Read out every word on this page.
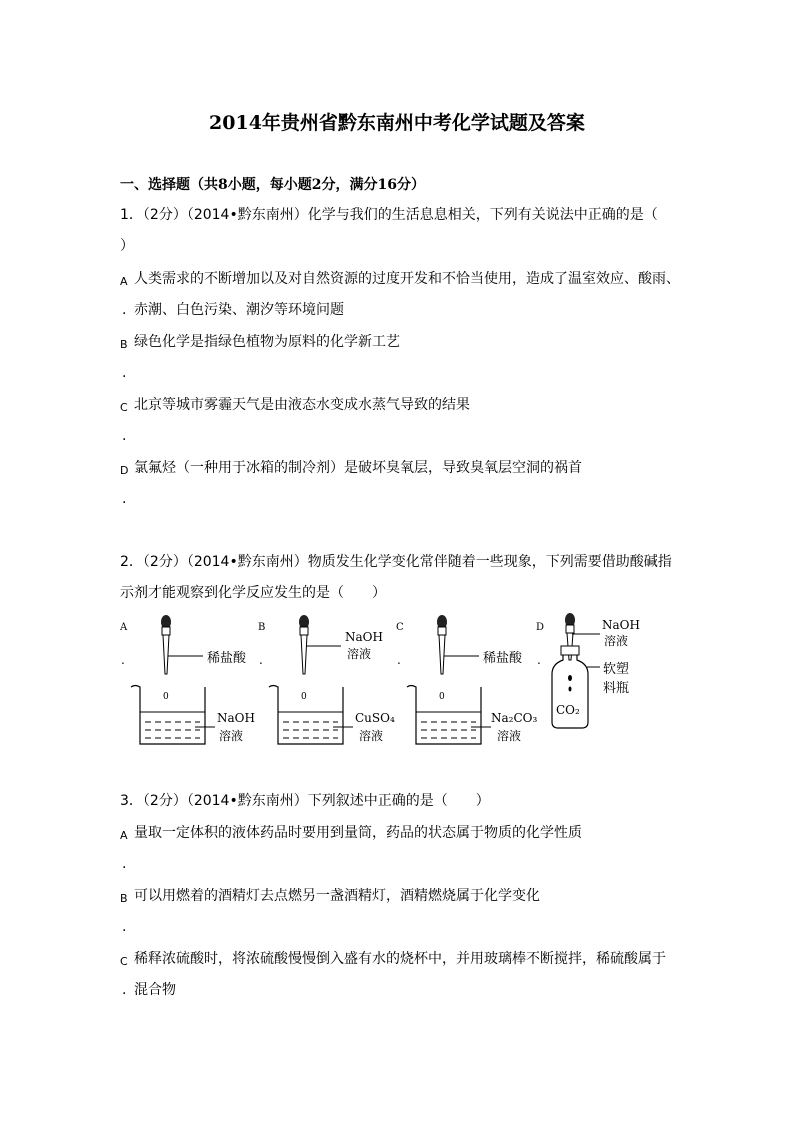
2014年贵州省黔东南州中考化学试题及答案
一、选择题（共8小题，每小题2分，满分16分）
1．（2分）（2014•黔东南州）化学与我们的生活息息相关，下列有关说法中正确的是（
）
A 人类需求的不断增加以及对自然资源的过度开发和不恰当使用，造成了温室效应、酸雨、
. 赤潮、白色污染、潮汐等环境问题
B 绿色化学是指绿色植物为原料的化学新工艺
.
C 北京等城市雾霾天气是由液态水变成水蒸气导致的结果
.
D 氯氟烃（一种用于冰箱的制冷剂）是破坏臭氧层，导致臭氧层空洞的祸首
.
2．（2分）（2014•黔东南州）物质发生化学变化常伴随着一些现象，下列需要借助酸碱指
示剂才能观察到化学反应发生的是（　　）
A
.	稀盐酸
0
NaOH
溶液
B
.
NaOH
溶液
0
CuSO₄
溶液
C
.	稀盐酸
0
Na₂CO₃
溶液
D
.
NaOH
溶液
CO₂
软塑
料瓶
3．（2分）（2014•黔东南州）下列叙述中正确的是（　　）
A 量取一定体积的液体药品时要用到量筒，药品的状态属于物质的化学性质
.
B 可以用燃着的酒精灯去点燃另一盏酒精灯，酒精燃烧属于化学变化
.
C 稀释浓硫酸时，将浓硫酸慢慢倒入盛有水的烧杯中，并用玻璃棒不断搅拌，稀硫酸属于
. 混合物
